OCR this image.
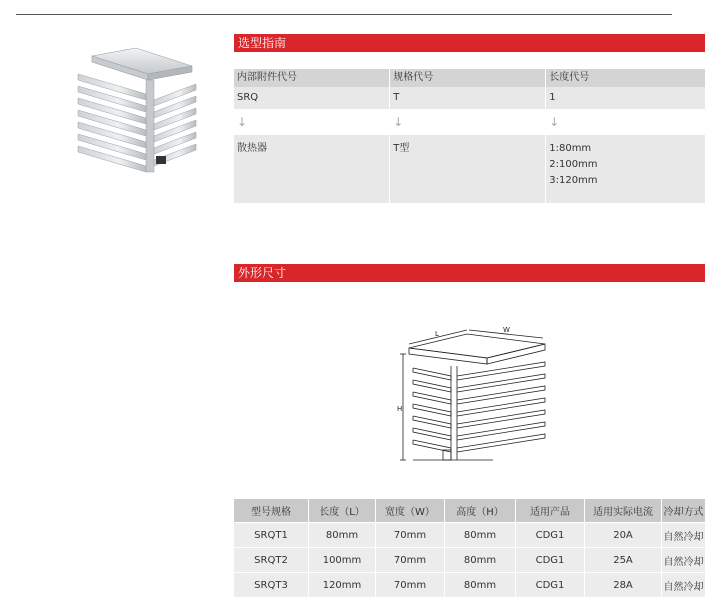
选型指南
内部附件代号	规格代号	长度代号
SRQ	T	1
↓	↓	↓
散热器	T型	1:80mm
2:100mm
3:120mm
外形尺寸
L	W
H
型号规格	长度（L）	宽度（W）	高度（H）	适用产品	适用实际电流	冷却方式
SRQT1	80mm	70mm	80mm	CDG1	20A	自然冷却
SRQT2	100mm	70mm	80mm	CDG1	25A	自然冷却
SRQT3	120mm	70mm	80mm	CDG1	28A	自然冷却
